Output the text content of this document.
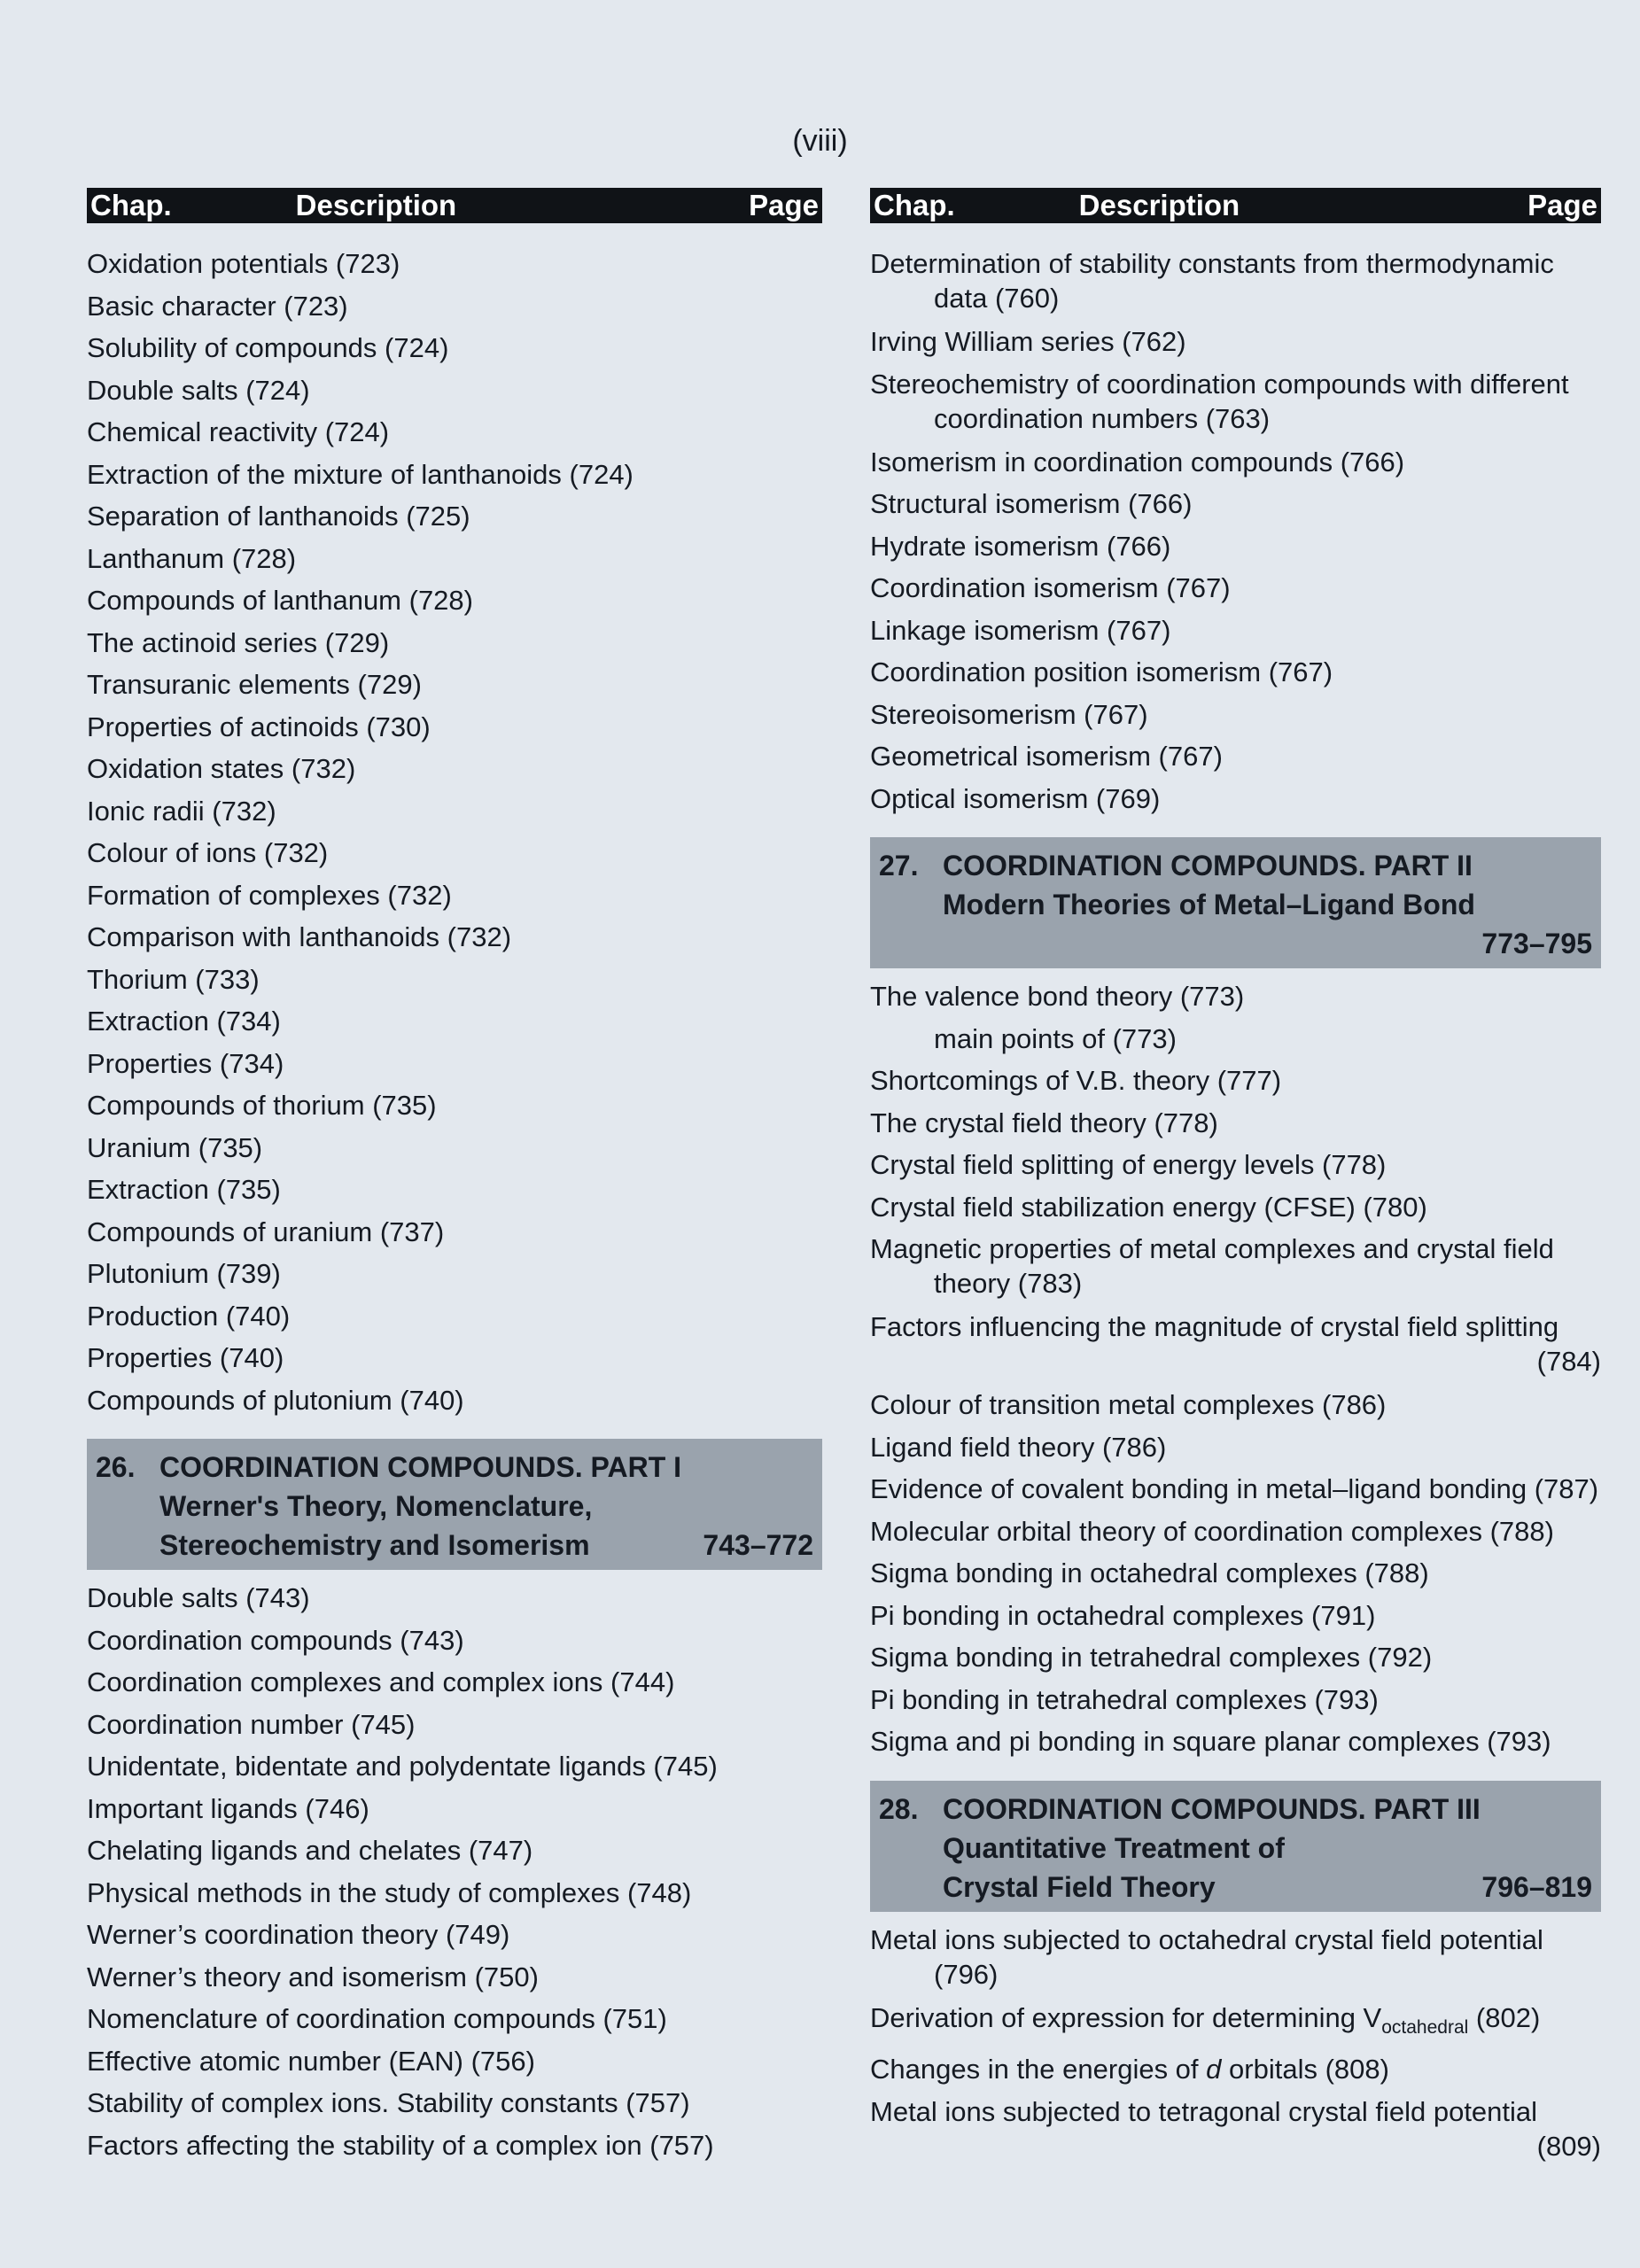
(viii)
Chap.	Description	Page
Oxidation potentials (723)
Basic character (723)
Solubility of compounds (724)
Double salts (724)
Chemical reactivity (724)
Extraction of the mixture of lanthanoids (724)
Separation of lanthanoids (725)
Lanthanum (728)
Compounds of lanthanum (728)
The actinoid series (729)
Transuranic elements (729)
Properties of actinoids (730)
Oxidation states (732)
Ionic radii (732)
Colour of ions (732)
Formation of complexes (732)
Comparison with lanthanoids (732)
Thorium (733)
Extraction (734)
Properties (734)
Compounds of thorium (735)
Uranium (735)
Extraction (735)
Compounds of uranium (737)
Plutonium (739)
Production (740)
Properties (740)
Compounds of plutonium (740)
26. COORDINATION COMPOUNDS. PART I
Werner's Theory, Nomenclature,
Stereochemistry and Isomerism	743–772
Double salts (743)
Coordination compounds (743)
Coordination complexes and complex ions (744)
Coordination number (745)
Unidentate, bidentate and polydentate ligands (745)
Important ligands (746)
Chelating ligands and chelates (747)
Physical methods in the study of complexes (748)
Werner’s coordination theory (749)
Werner’s theory and isomerism (750)
Nomenclature of coordination compounds (751)
Effective atomic number (EAN) (756)
Stability of complex ions. Stability constants (757)
Factors affecting the stability of a complex ion (757)
Chap.	Description	Page
Determination of stability constants from thermodynamic
data (760)
Irving William series (762)
Stereochemistry of coordination compounds with different
coordination numbers (763)
Isomerism in coordination compounds (766)
Structural isomerism (766)
Hydrate isomerism (766)
Coordination isomerism (767)
Linkage isomerism (767)
Coordination position isomerism (767)
Stereoisomerism (767)
Geometrical isomerism (767)
Optical isomerism (769)
27. COORDINATION COMPOUNDS. PART II
Modern Theories of Metal–Ligand Bond
773–795
The valence bond theory (773)
main points of (773)
Shortcomings of V.B. theory (777)
The crystal field theory (778)
Crystal field splitting of energy levels (778)
Crystal field stabilization energy (CFSE) (780)
Magnetic properties of metal complexes and crystal field
theory (783)
Factors influencing the magnitude of crystal field splitting
(784)
Colour of transition metal complexes (786)
Ligand field theory (786)
Evidence of covalent bonding in metal–ligand bonding (787)
Molecular orbital theory of coordination complexes (788)
Sigma bonding in octahedral complexes (788)
Pi bonding in octahedral complexes (791)
Sigma bonding in tetrahedral complexes (792)
Pi bonding in tetrahedral complexes (793)
Sigma and pi bonding in square planar complexes (793)
28. COORDINATION COMPOUNDS. PART III
Quantitative Treatment of
Crystal Field Theory	796–819
Metal ions subjected to octahedral crystal field potential
(796)
Derivation of expression for determining $V_{octahedral}$ (802)
Changes in the energies of d orbitals (808)
Metal ions subjected to tetragonal crystal field potential
(809)
